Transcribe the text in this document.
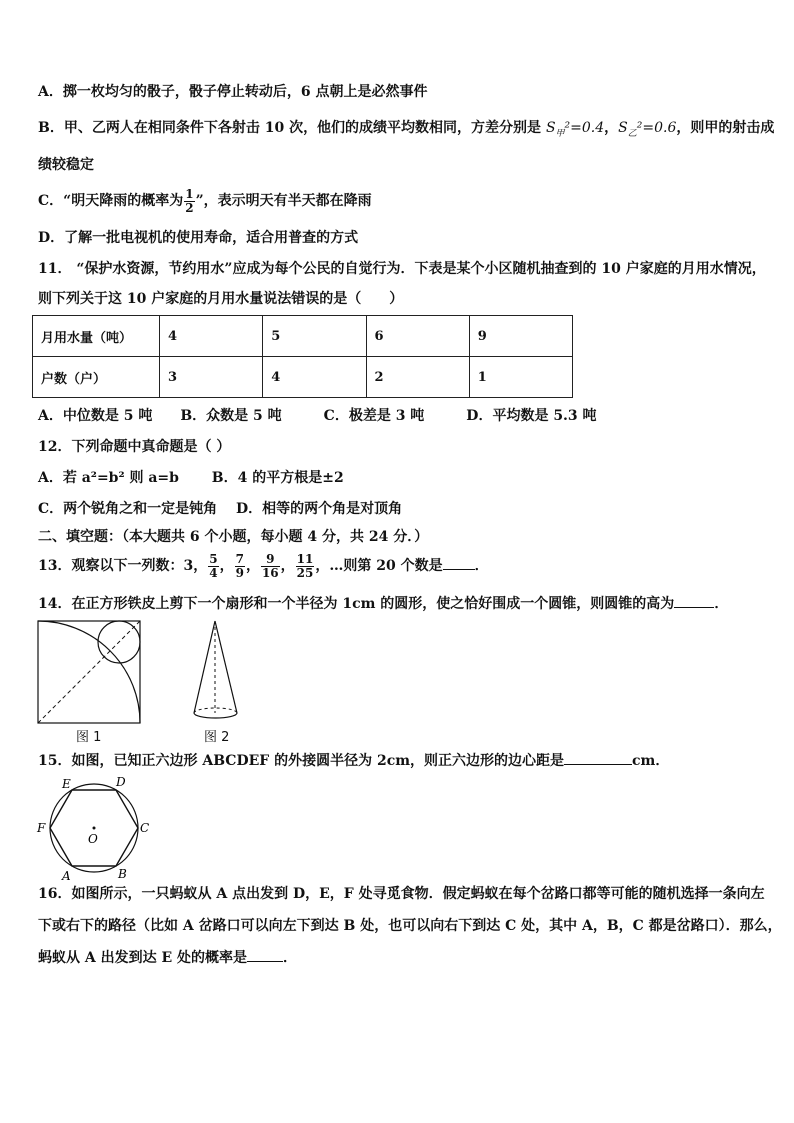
A．掷一枚均匀的骰子，骰子停止转动后，6 点朝上是必然事件
B．甲、乙两人在相同条件下各射击 10 次，他们的成绩平均数相同，方差分别是 $S_甲^2=0.4$，$S_乙^2=0.6$，则甲的射击成
绩较稳定
C．“明天降雨的概率为 $\frac{1}{2}$ ”，表示明天有半天都在降雨
D．了解一批电视机的使用寿命，适合用普查的方式
11． “保护水资源，节约用水”应成为每个公民的自觉行为．下表是某个小区随机抽查到的 10 户家庭的月用水情况，
则下列关于这 10 户家庭的月用水量说法错误的是（　　）
月用水量（吨）	4	5	6	9
户数（户）	3	4	2	1
A．中位数是 5 吨　　B．众数是 5 吨　　　C．极差是 3 吨　　　D．平均数是 5.3 吨
12．下列命题中真命题是（ ）
A．若 a²=b² 则 a=b　　 B．4 的平方根是±2
C．两个锐角之和一定是钝角　 D．相等的两个角是对顶角
二、填空题：（本大题共 6 个小题，每小题 4 分，共 24 分．）
13．观察以下一列数：3， $\frac{5}{4}$ ， $\frac{7}{9}$ ， $\frac{9}{16}$ ， $\frac{11}{25}$ ，…则第 20 个数是 ．
14．在正方形铁皮上剪下一个扇形和一个半径为 1cm 的圆形，使之恰好围成一个圆锥，则圆锥的高为	．
图 1	图 2
15．如图，已知正六边形 ABCDEF 的外接圆半径为 2cm，则正六边形的边心距是	cm．
D
E
F	C
A	B
O
16．如图所示，一只蚂蚁从 A 点出发到 D，E，F 处寻觅食物．假定蚂蚁在每个岔路口都等可能的随机选择一条向左
下或右下的路径（比如 A 岔路口可以向左下到达 B 处，也可以向右下到达 C 处，其中 A，B，C 都是岔路口）．那么，
蚂蚁从 A 出发到达 E 处的概率是	．
